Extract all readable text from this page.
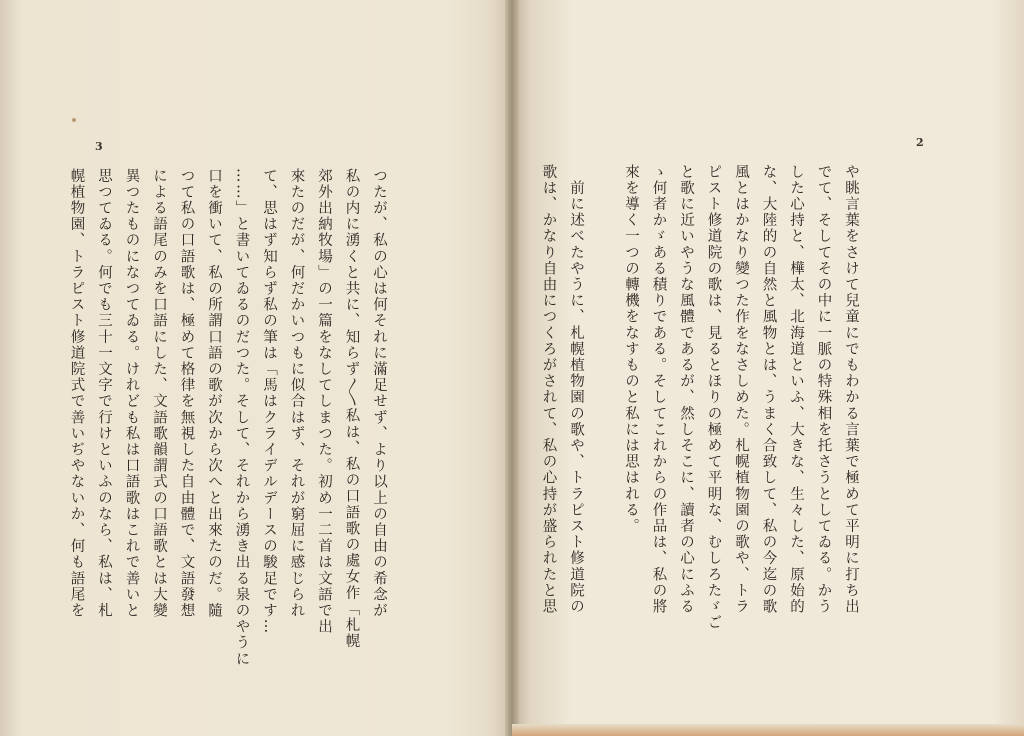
3
つたが、私の心は何それに滿足せず、より以上の自由の希念が
私の内に湧くと共に、知らず〳〵私は、私の口語歌の處女作「札幌
郊外出納牧場」の一篇をなしてしまつた。初め一二首は文語で出
來たのだが、何だかいつもに似合はず、それが窮屈に感じられ
て、思はず知らず私の筆は「馬はクライデルデースの駿足です…
……」と書いてゐるのだつた。そして、それから湧き出る泉のやうに
口を衝いて、私の所謂口語の歌が次から次へと出來たのだ。隨
つて私の口語歌は、極めて格律を無視した自由體で、文語發想
による語尾のみを口語にした、文語歌韻謂式の口語歌とは大變
異つたものになつてゐる。けれども私は口語歌はこれで善いと
思つてゐる。何でも三十一文字で行けといふのなら、私は、札
幌植物園、トラピスト修道院式で善いぢやないか、何も語尾を
2
や眺言葉をさけて兒童にでもわかる言葉で極めて平明に打ち出
でて、そしてその中に一脈の特殊相を托さうとしてゐる。かう
した心持と、樺太、北海道といふ、大きな、生々した、原始的
な、大陸的の自然と風物とは、うまく合致して、私の今迄の歌
風とはかなり變つた作をなさしめた。札幌植物園の歌や、トラ
ピスト修道院の歌は、見るとほりの極めて平明な、むしろたゞご
と歌に近いやうな風體であるが、然しそこに、讀者の心にふる
ゝ何者かゞある積りである。そしてこれからの作品は、私の將
來を導く一つの轉機をなすものと私には思はれる。

　前に述べたやうに、札幌植物園の歌や、トラピスト修道院の
歌は、かなり自由につくろがされて、私の心持が盛られたと思
